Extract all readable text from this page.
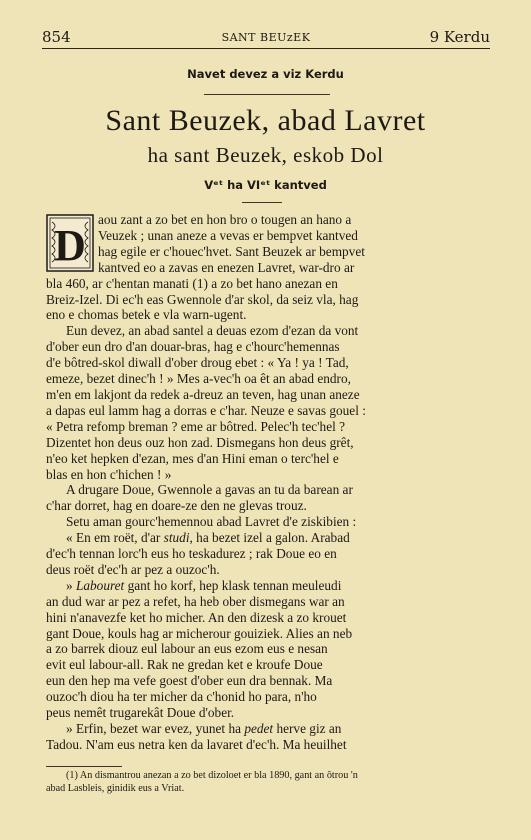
854	SANT BEUzEK	9 Kerdu
Navet devez a viz Kerdu
Sant Beuzek, abad Lavret
ha sant Beuzek, eskob Dol
Vᵉᵗ ha VIᵉᵗ kantved
D
aou zant a zo bet en hon bro o tougen an hano a
Veuzek ; unan aneze a vevas er bempvet kantved
hag egile er c'houec'hvet. Sant Beuzek ar bempvet
kantved eo a zavas en enezen Lavret, war-dro ar
bla 460, ar c'hentan manati (1) a zo bet hano anezan en
Breiz-Izel. Di ec'h eas Gwennole d'ar skol, da seiz vla, hag
eno e chomas betek e vla warn-ugent.
Eun devez, an abad santel a deuas ezom d'ezan da vont
d'ober eun dro d'an douar-bras, hag e c'hourc'hemennas
d'e bôtred-skol diwall d'ober droug ebet : « Ya ! ya ! Tad,
emeze, bezet dinec'h ! » Mes a-vec'h oa êt an abad endro,
m'en em lakjont da redek a-dreuz an teven, hag unan aneze
a dapas eul lamm hag a dorras e c'har. Neuze e savas gouel :
« Petra refomp breman ? eme ar bôtred. Pelec'h tec'hel ?
Dizentet hon deus ouz hon zad. Dismegans hon deus grêt,
n'eo ket hepken d'ezan, mes d'an Hini eman o terc'hel e
blas en hon c'hichen ! »
A drugare Doue, Gwennole a gavas an tu da barean ar
c'har dorret, hag en doare-ze den ne glevas trouz.
Setu aman gourc'hemennou abad Lavret d'e ziskibien :
« En em roët, d'ar studi, ha bezet izel a galon. Arabad
d'ec'h tennan lorc'h eus ho teskadurez ; rak Doue eo en
deus roët d'ec'h ar pez a ouzoc'h.
» Labouret gant ho korf, hep klask tennan meuleudi
an dud war ar pez a refet, ha heb ober dismegans war an
hini n'anavezfe ket ho micher. An den dizesk a zo krouet
gant Doue, kouls hag ar micherour gouiziek. Alies an neb
a zo barrek diouz eul labour an eus ezom eus e nesan
evit eul labour-all. Rak ne gredan ket e kroufe Doue
eun den hep ma vefe goest d'ober eun dra bennak. Ma
ouzoc'h diou ha ter micher da c'honid ho para, n'ho
peus nemêt trugarekât Doue d'ober.
» Erfin, bezet war evez, yunet ha pedet herve giz an
Tadou. N'am eus netra ken da lavaret d'ec'h. Ma heuilhet
(1) An dismantrou anezan a zo bet dizoloet er bla 1890, gant an ôtrou 'n
abad Lasbleis, ginidik eus a Vriat.
